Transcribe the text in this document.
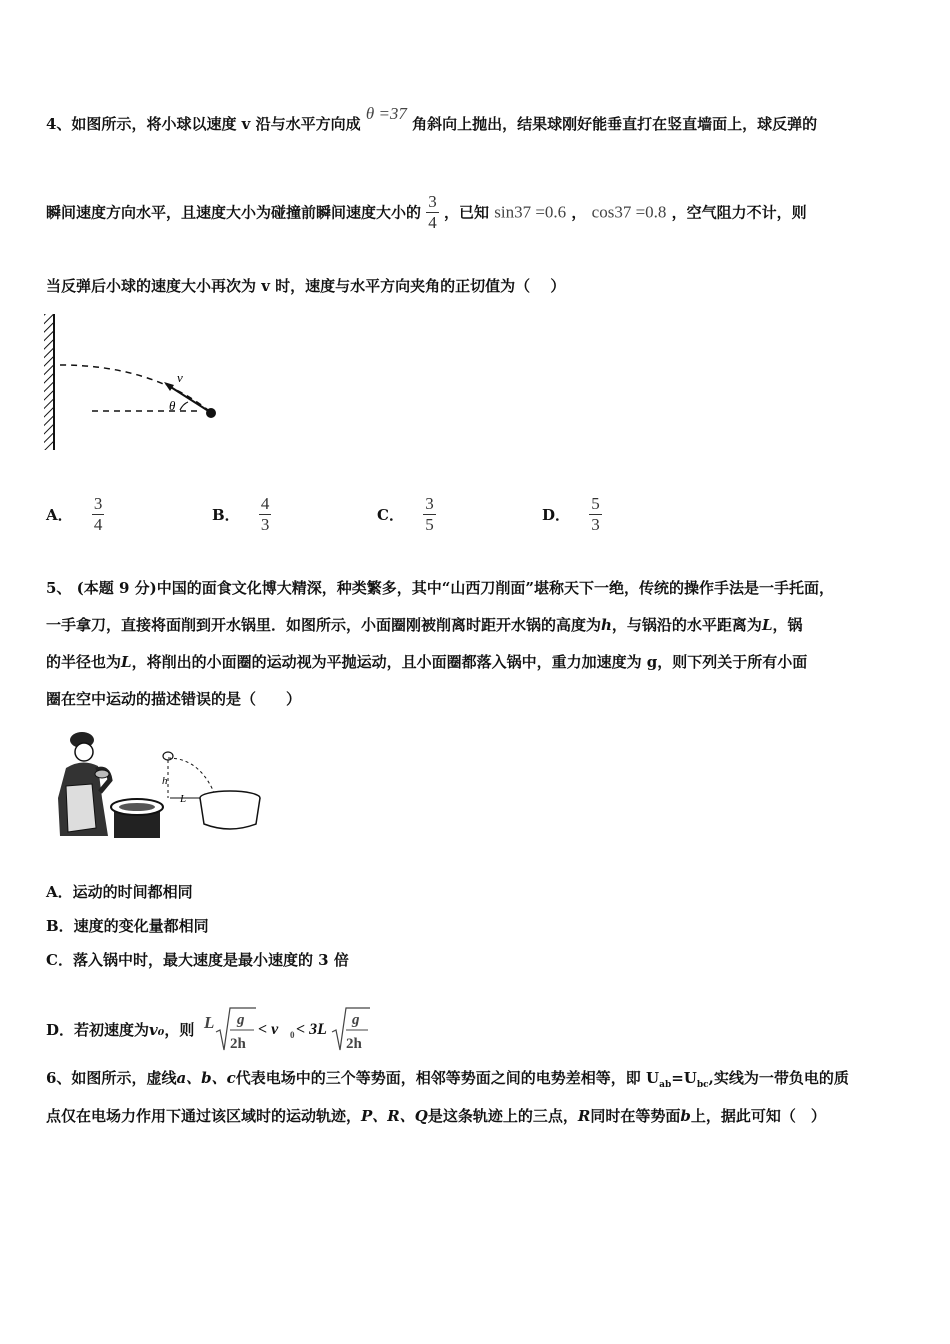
4、如图所示，将小球以速度 v 沿与水平方向成 θ =37 角斜向上抛出，结果球刚好能垂直打在竖直墙面上，球反弹的
瞬间速度方向水平，且速度大小为碰撞前瞬间速度大小的 $\frac{3}{4}$ ，已知 sin37 =0.6 ， cos37 =0.8 ，空气阻力不计，则
当反弹后小球的速度大小再次为 v 时，速度与水平方向夹角的正切值为（　 ）
v
θ
A． $\frac{3}{4}$	B． $\frac{4}{3}$	C． $\frac{3}{5}$	D． $\frac{5}{3}$
5、 (本题 9 分)中国的面食文化博大精深，种类繁多，其中“山西刀削面”堪称天下一绝，传统的操作手法是一手托面，
一手拿刀，直接将面削到开水锅里．如图所示，小面圈刚被削离时距开水锅的高度为h，与锅沿的水平距离为L，锅
的半径也为L，将削出的小面圈的运动视为平抛运动，且小面圈都落入锅中，重力加速度为 g，则下列关于所有小面
圈在空中运动的描述错误的是（　　）
h
L
A．运动的时间都相同
B．速度的变化量都相同
C．落入锅中时，最大速度是最小速度的 3 倍
D．若初速度为v₀，则 L g
2h
< v 0 < 3L
g
2h
6、如图所示，虚线a、b、c代表电场中的三个等势面，相邻等势面之间的电势差相等，即 $U_{ab}=U_{bc}$,实线为一带负电的质
点仅在电场力作用下通过该区域时的运动轨迹，P、R、Q是这条轨迹上的三点，R同时在等势面b上，据此可知（　）
